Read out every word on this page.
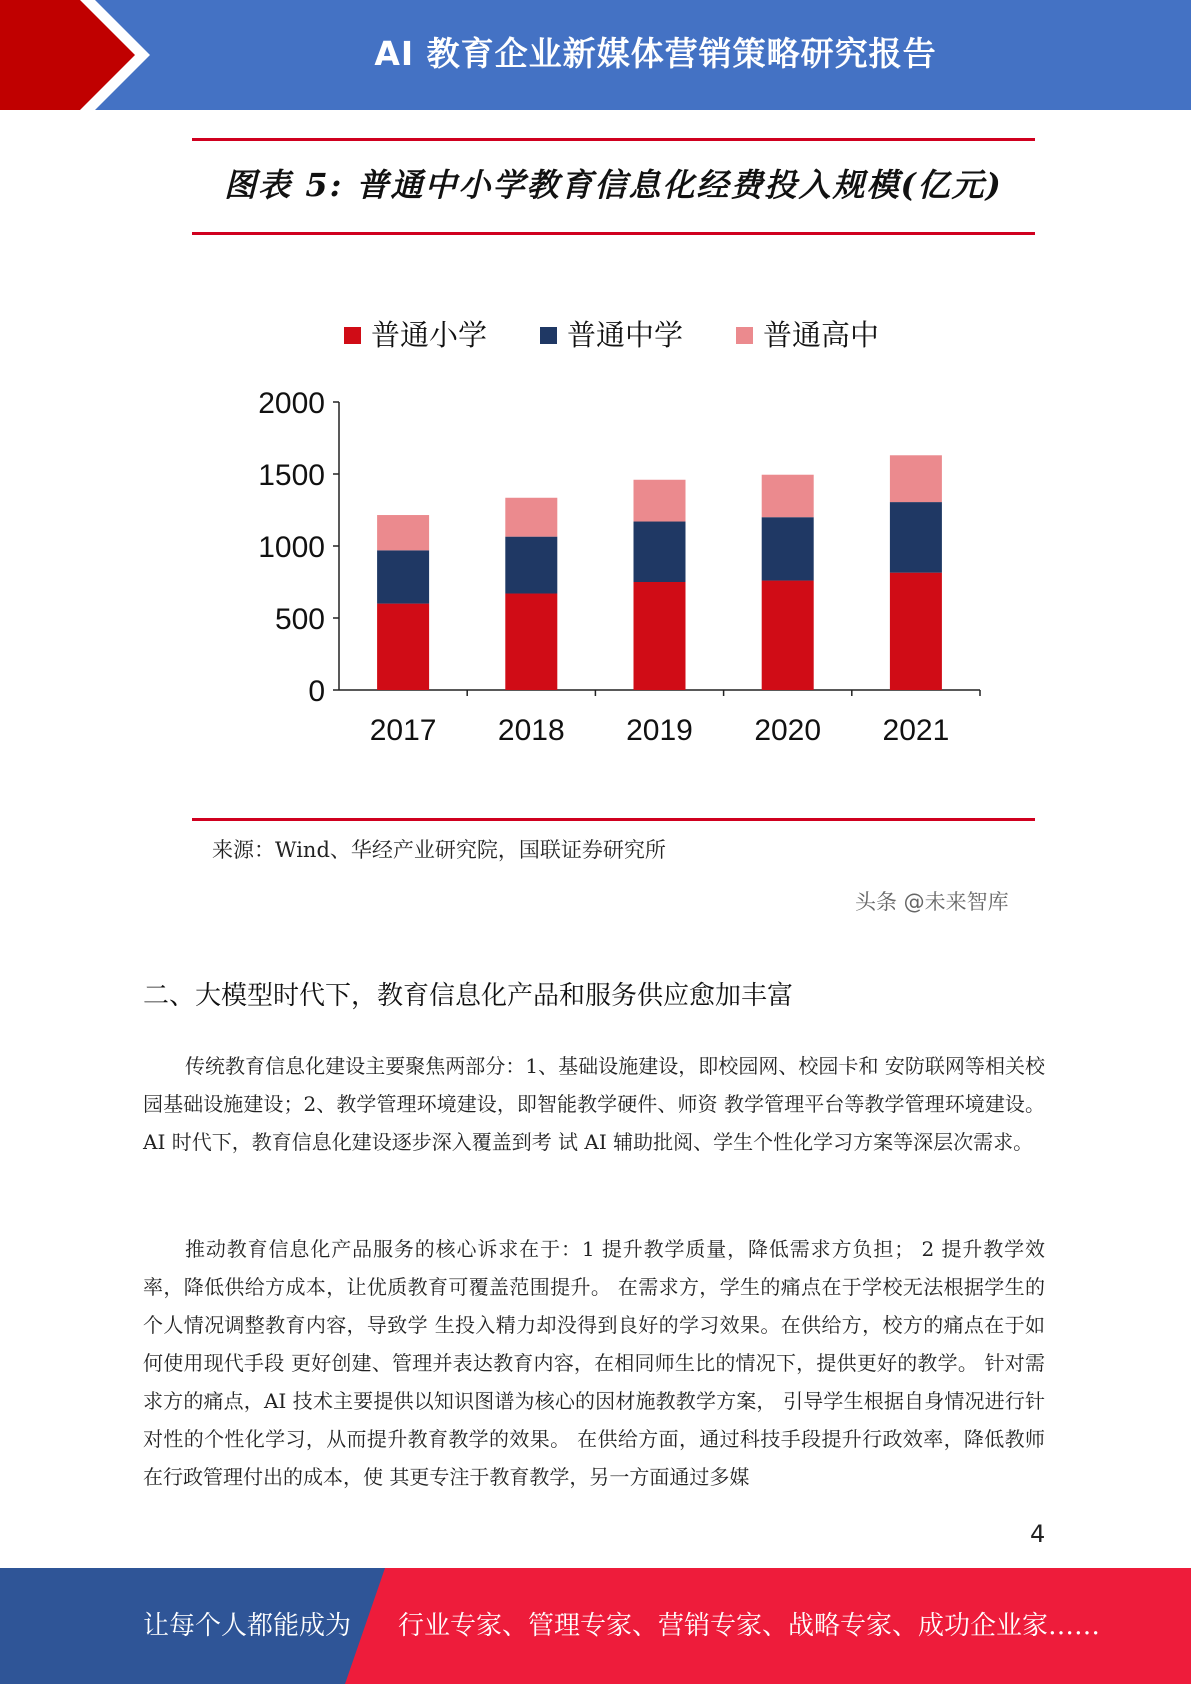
AI 教育企业新媒体营销策略研究报告
图表 5: 普通中小学教育信息化经费投入规模(亿元)
普通小学	普通中学	普通高中
0
500
1000
1500
2000
2017 2018 2019 2020 2021
来源：Wind、华经产业研究院，国联证券研究所
头条 @未来智库
二、大模型时代下，教育信息化产品和服务供应愈加丰富
传统教育信息化建设主要聚焦两部分：1、基础设施建设，即校园网、校园卡和 安防联网等相关校园基础设施建设；2、教学管理环境建设，即智能教学硬件、师资 教学管理平台等教学管理环境建设。AI 时代下，教育信息化建设逐步深入覆盖到考 试 AI 辅助批阅、学生个性化学习方案等深层次需求。
推动教育信息化产品服务的核心诉求在于：1 提升教学质量，降低需求方负担； 2 提升教学效率，降低供给方成本，让优质教育可覆盖范围提升。 在需求方，学生的痛点在于学校无法根据学生的个人情况调整教育内容，导致学 生投入精力却没得到良好的学习效果。在供给方，校方的痛点在于如何使用现代手段 更好创建、管理并表达教育内容，在相同师生比的情况下，提供更好的教学。 针对需求方的痛点，AI 技术主要提供以知识图谱为核心的因材施教教学方案， 引导学生根据自身情况进行针对性的个性化学习，从而提升教育教学的效果。 在供给方面，通过科技手段提升行政效率，降低教师在行政管理付出的成本，使 其更专注于教育教学，另一方面通过多媒
4
让每个人都能成为 行业专家、管理专家、营销专家、战略专家、成功企业家……
